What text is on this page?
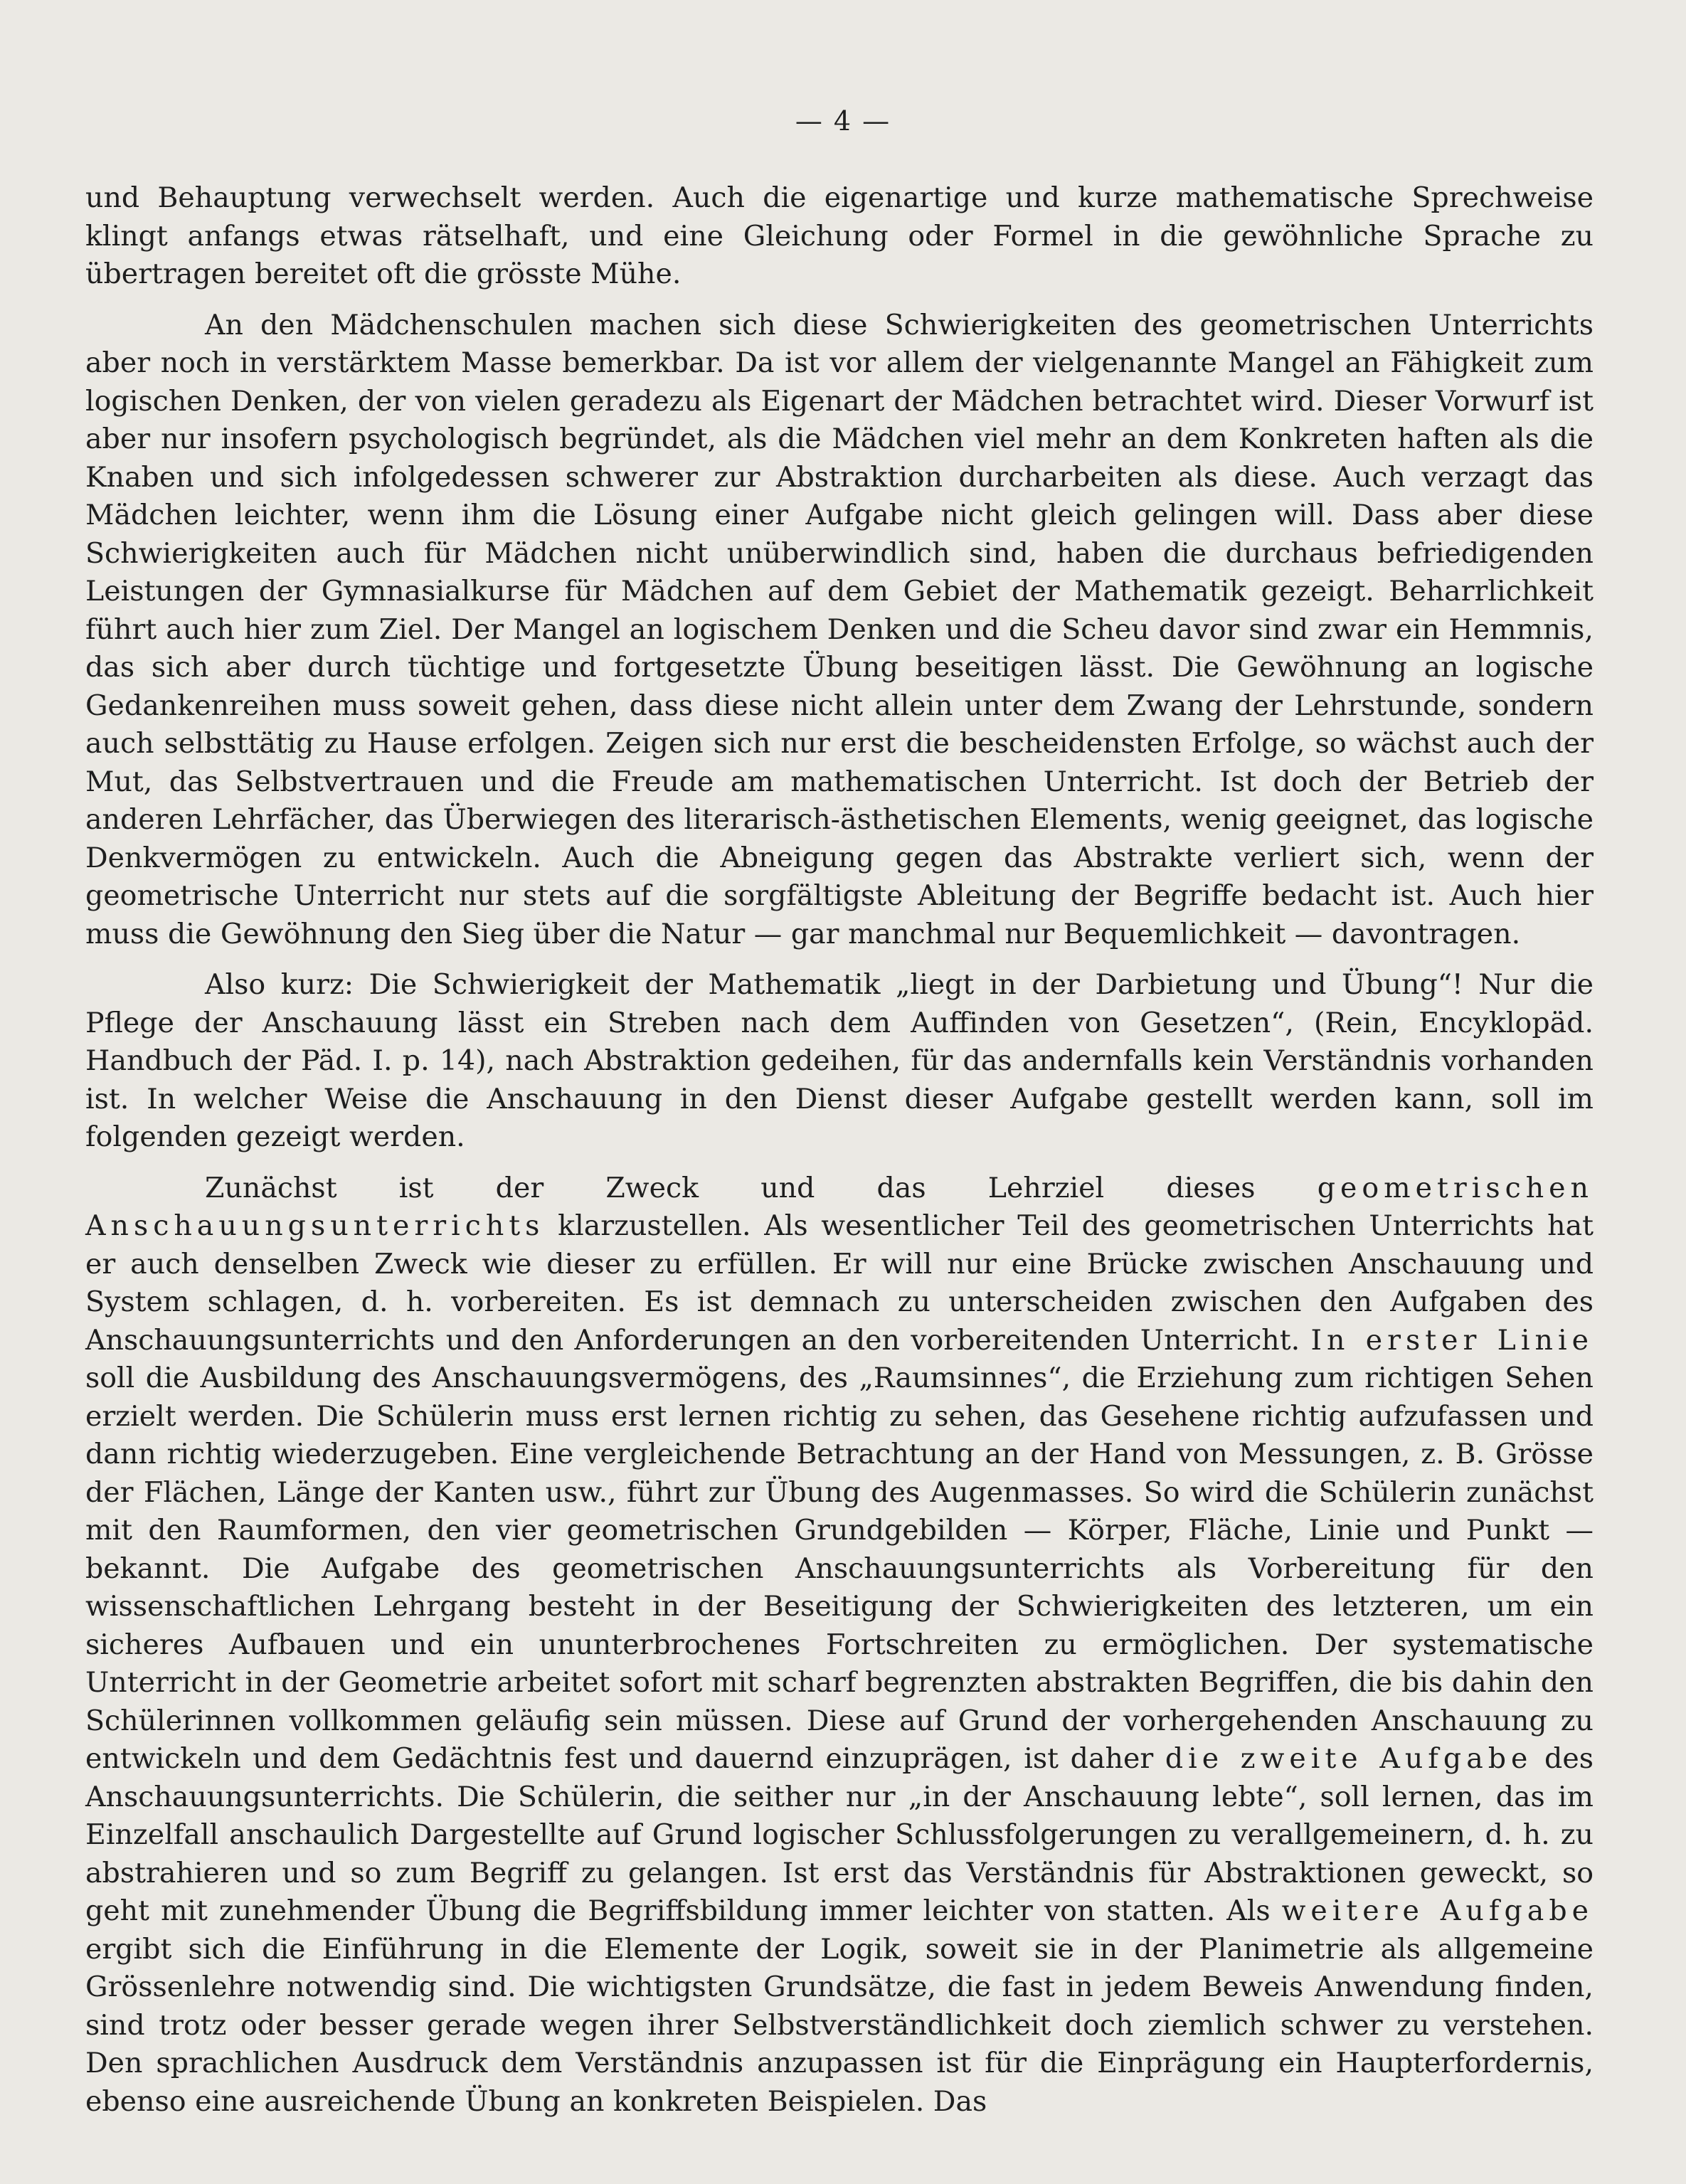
— 4 —

und Behauptung verwechselt werden. Auch die eigenartige und kurze mathematische Sprechweise klingt anfangs etwas rätselhaft, und eine Gleichung oder Formel in die gewöhnliche Sprache zu übertragen bereitet oft die grösste Mühe.

An den Mädchenschulen machen sich diese Schwierigkeiten des geometrischen Unterrichts aber noch in verstärktem Masse bemerkbar. Da ist vor allem der vielgenannte Mangel an Fähigkeit zum logischen Denken, der von vielen geradezu als Eigenart der Mädchen betrachtet wird. Dieser Vorwurf ist aber nur insofern psychologisch begründet, als die Mädchen viel mehr an dem Konkreten haften als die Knaben und sich infolgedessen schwerer zur Abstraktion durcharbeiten als diese. Auch verzagt das Mädchen leichter, wenn ihm die Lösung einer Aufgabe nicht gleich gelingen will. Dass aber diese Schwierigkeiten auch für Mädchen nicht unüberwindlich sind, haben die durchaus befriedigenden Leistungen der Gymnasialkurse für Mädchen auf dem Gebiet der Mathematik gezeigt. Beharrlichkeit führt auch hier zum Ziel. Der Mangel an logischem Denken und die Scheu davor sind zwar ein Hemmnis, das sich aber durch tüchtige und fortgesetzte Übung beseitigen lässt. Die Gewöhnung an logische Gedankenreihen muss soweit gehen, dass diese nicht allein unter dem Zwang der Lehrstunde, sondern auch selbsttätig zu Hause erfolgen. Zeigen sich nur erst die bescheidensten Erfolge, so wächst auch der Mut, das Selbstvertrauen und die Freude am mathematischen Unterricht. Ist doch der Betrieb der anderen Lehrfächer, das Überwiegen des literarisch-ästhetischen Elements, wenig geeignet, das logische Denkvermögen zu entwickeln. Auch die Abneigung gegen das Abstrakte verliert sich, wenn der geometrische Unterricht nur stets auf die sorgfältigste Ableitung der Begriffe bedacht ist. Auch hier muss die Gewöhnung den Sieg über die Natur — gar manchmal nur Bequemlichkeit — davontragen.

Also kurz: Die Schwierigkeit der Mathematik „liegt in der Darbietung und Übung“! Nur die Pflege der Anschauung lässt ein Streben nach dem Auffinden von Gesetzen“, (Rein, Encyklopäd. Handbuch der Päd. I. p. 14), nach Abstraktion gedeihen, für das andernfalls kein Verständnis vorhanden ist. In welcher Weise die Anschauung in den Dienst dieser Aufgabe gestellt werden kann, soll im folgenden gezeigt werden.

Zunächst ist der Zweck und das Lehrziel dieses geometrischen Anschauungsunterrichts klarzustellen. Als wesentlicher Teil des geometrischen Unterrichts hat er auch denselben Zweck wie dieser zu erfüllen. Er will nur eine Brücke zwischen Anschauung und System schlagen, d. h. vorbereiten. Es ist demnach zu unterscheiden zwischen den Aufgaben des Anschauungsunterrichts und den Anforderungen an den vorbereitenden Unterricht. In erster Linie soll die Ausbildung des Anschauungsvermögens, des „Raumsinnes“, die Erziehung zum richtigen Sehen erzielt werden. Die Schülerin muss erst lernen richtig zu sehen, das Gesehene richtig aufzufassen und dann richtig wiederzugeben. Eine vergleichende Betrachtung an der Hand von Messungen, z. B. Grösse der Flächen, Länge der Kanten usw., führt zur Übung des Augenmasses. So wird die Schülerin zunächst mit den Raumformen, den vier geometrischen Grundgebilden — Körper, Fläche, Linie und Punkt — bekannt. Die Aufgabe des geometrischen Anschauungsunterrichts als Vorbereitung für den wissenschaftlichen Lehrgang besteht in der Beseitigung der Schwierigkeiten des letzteren, um ein sicheres Aufbauen und ein ununterbrochenes Fortschreiten zu ermöglichen. Der systematische Unterricht in der Geometrie arbeitet sofort mit scharf begrenzten abstrakten Begriffen, die bis dahin den Schülerinnen vollkommen geläufig sein müssen. Diese auf Grund der vorhergehenden Anschauung zu entwickeln und dem Gedächtnis fest und dauernd einzuprägen, ist daher die zweite Aufgabe des Anschauungsunterrichts. Die Schülerin, die seither nur „in der Anschauung lebte“, soll lernen, das im Einzelfall anschaulich Dargestellte auf Grund logischer Schlussfolgerungen zu verallgemeinern, d. h. zu abstrahieren und so zum Begriff zu gelangen. Ist erst das Verständnis für Abstraktionen geweckt, so geht mit zunehmender Übung die Begriffsbildung immer leichter von statten. Als weitere Aufgabe ergibt sich die Einführung in die Elemente der Logik, soweit sie in der Planimetrie als allgemeine Grössenlehre notwendig sind. Die wichtigsten Grundsätze, die fast in jedem Beweis Anwendung finden, sind trotz oder besser gerade wegen ihrer Selbstverständlichkeit doch ziemlich schwer zu verstehen. Den sprachlichen Ausdruck dem Verständnis anzupassen ist für die Einprägung ein Haupterfordernis, ebenso eine ausreichende Übung an konkreten Beispielen. Das
